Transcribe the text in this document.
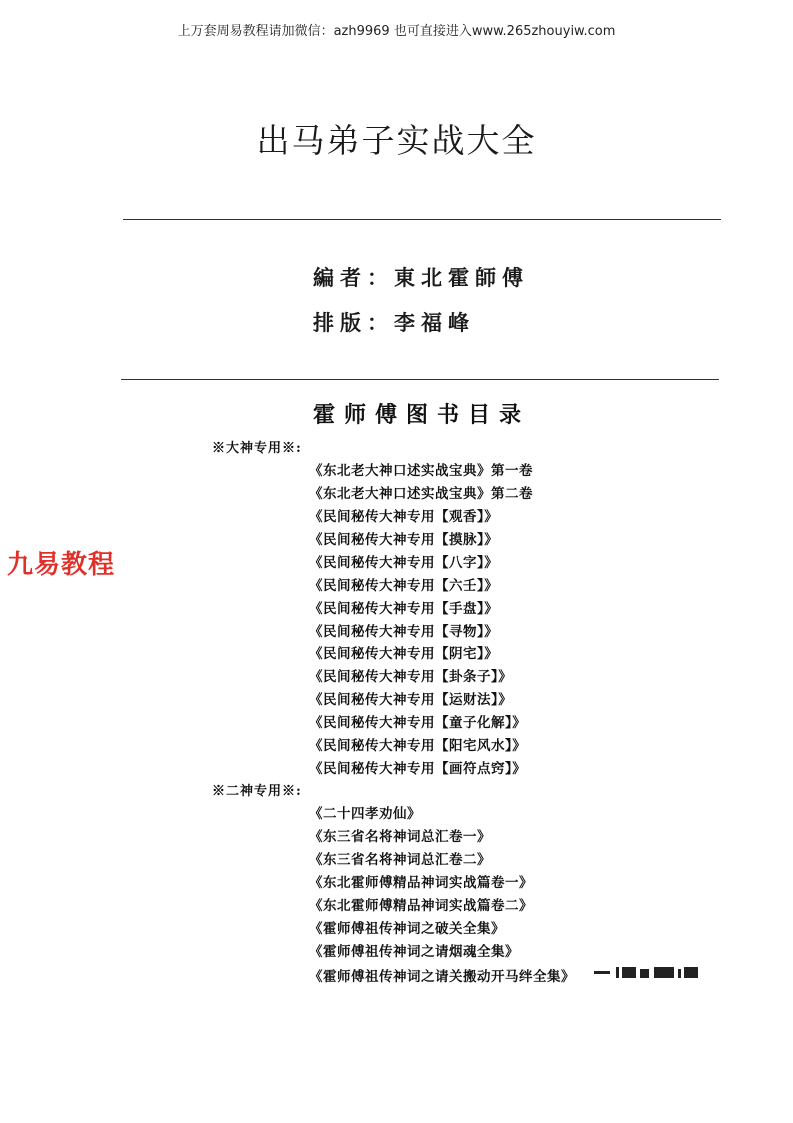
上万套周易教程请加微信：azh9969 也可直接进入www.265zhouyiw.com
出马弟子实战大全
編者：東北霍師傅
排版：李福峰
霍师傅图书目录
※大神专用※:
《东北老大神口述实战宝典》第一卷
《东北老大神口述实战宝典》第二卷
《民间秘传大神专用【观香】》
《民间秘传大神专用【摸脉】》
《民间秘传大神专用【八字】》
《民间秘传大神专用【六壬】》
《民间秘传大神专用【手盘】》
《民间秘传大神专用【寻物】》
《民间秘传大神专用【阴宅】》
《民间秘传大神专用【卦条子】》
《民间秘传大神专用【运财法】》
《民间秘传大神专用【童子化解】》
《民间秘传大神专用【阳宅风水】》
《民间秘传大神专用【画符点窍】》
※二神专用※:
《二十四孝劝仙》
《东三省名将神词总汇卷一》
《东三省名将神词总汇卷二》
《东北霍师傅精品神词实战篇卷一》
《东北霍师傅精品神词实战篇卷二》
《霍师傅祖传神词之破关全集》
《霍师傅祖传神词之请烟魂全集》
《霍师傅祖传神词之请关搬动开马绊全集》
九易教程
